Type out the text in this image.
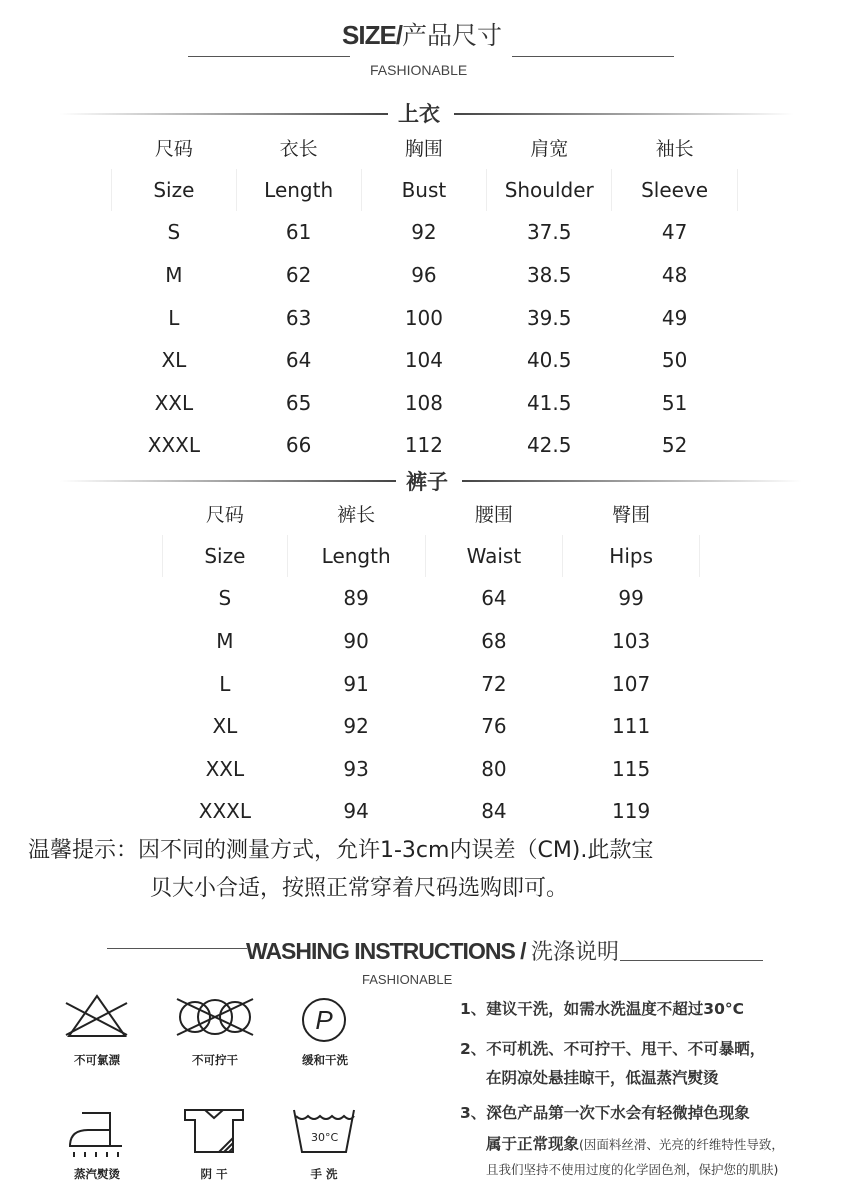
SIZE/产品尺寸
FASHIONABLE
上衣
尺码	衣长	胸围	肩宽	袖长
Size	Length	Bust	Shoulder	Sleeve
S	61	92	37.5	47
M	62	96	38.5	48
L	63	100	39.5	49
XL	64	104	40.5	50
XXL	65	108	41.5	51
XXXL	66	112	42.5	52
裤子
尺码	裤长	腰围	臀围
Size	Length	Waist	Hips
S	89	64	99
M	90	68	103
L	91	72	107
XL	92	76	111
XXL	93	80	115
XXXL	94	84	119
温馨提示：因不同的测量方式，允许1-3cm内误差（CM).此款宝
贝大小合适，按照正常穿着尺码选购即可。
WASHING INSTRUCTIONS / 洗涤说明
FASHIONABLE
不可氯漂	不可拧干
P
缓和干洗
蒸汽熨烫	阴 干
30°C
手 洗
1、建议干洗，如需水洗温度不超过30°C
2、不可机洗、不可拧干、甩干、不可暴晒，
在阴凉处悬挂晾干，低温蒸汽熨烫
3、深色产品第一次下水会有轻微掉色现象
属于正常现象(因面料丝滑、光亮的纤维特性导致，
且我们坚持不使用过度的化学固色剂，保护您的肌肤)
